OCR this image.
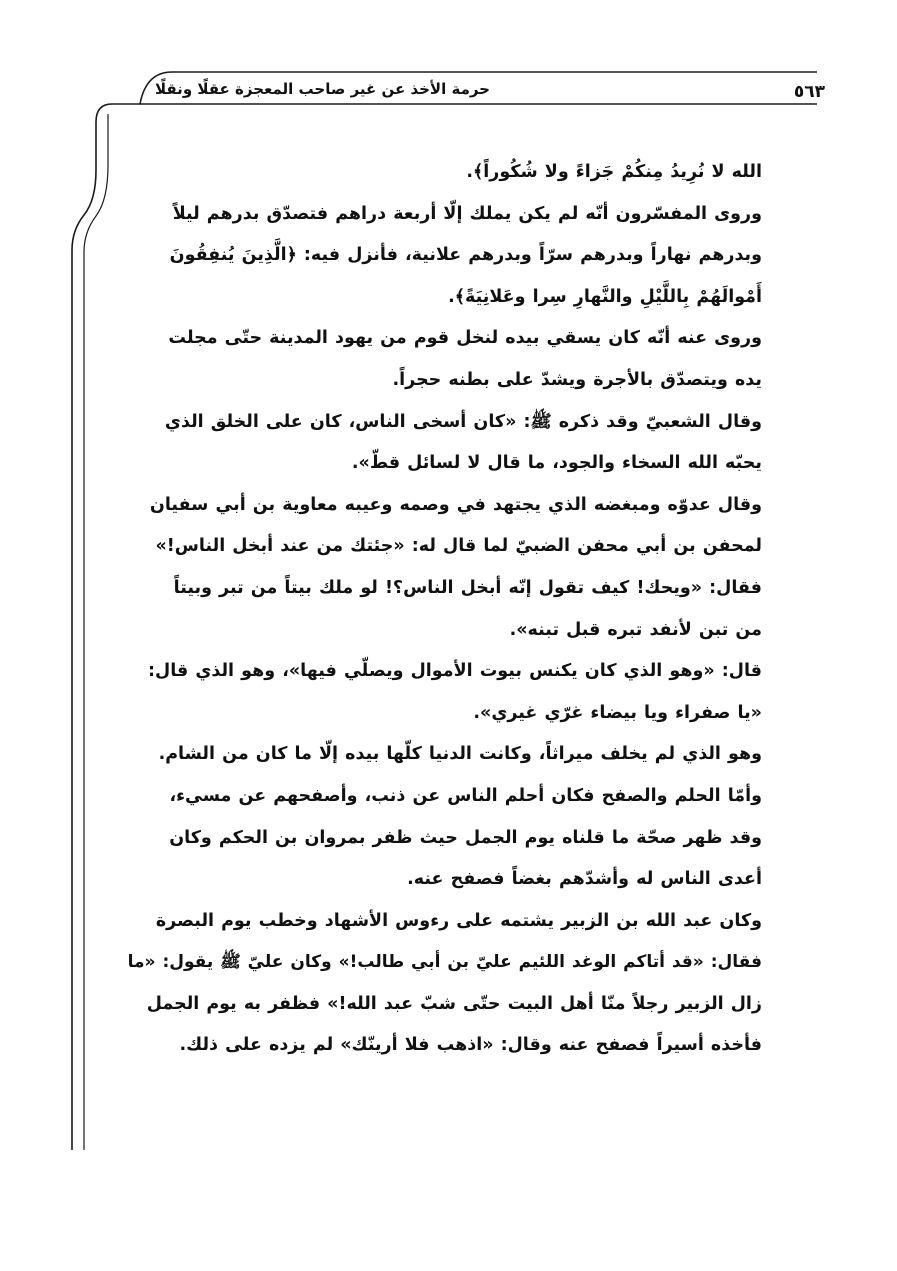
حرمة الأخذ عن غير صاحب المعجزة عقلًا ونقلًا	٥٦٣
الله لا نُرِيدُ مِنكُمْ جَزاءً ولا شُكُوراً﴾.
وروى المفسّرون أنّه لم يكن يملك إلّا أربعة دراهم فتصدّق بدرهم ليلاً
وبدرهم نهاراً وبدرهم سرّاً وبدرهم علانية، فأنزل فيه: ﴿الَّذِينَ يُنفِقُونَ
أَمْوالَهُمْ بِاللَّيْلِ والنَّهارِ سِرا وعَلانِيَةً﴾.
وروى عنه أنّه كان يسقي بيده لنخل قوم من يهود المدينة حتّى مجلت
يده ويتصدّق بالأجرة ويشدّ على بطنه حجراً.
وقال الشعبيّ وقد ذكره ﷺ: «كان أسخى الناس، كان على الخلق الذي
يحبّه الله السخاء والجود، ما قال لا لسائل قطّ».
وقال عدوّه ومبغضه الذي يجتهد في وصمه وعيبه معاوية بن أبي سفيان
لمحفن بن أبي محفن الضبيّ لما قال له: «جئتك من عند أبخل الناس!»
فقال: «ويحك! كيف تقول إنّه أبخل الناس؟! لو ملك بيتاً من تبر وبيتاً
من تبن لأنفد تبره قبل تبنه».
قال: «وهو الذي كان يكنس بيوت الأموال ويصلّي فيها»، وهو الذي قال:
«يا صفراء ويا بيضاء غرّي غيري».
وهو الذي لم يخلف ميراثاً، وكانت الدنيا كلّها بيده إلّا ما كان من الشام.
وأمّا الحلم والصفح فكان أحلم الناس عن ذنب، وأصفحهم عن مسيء،
وقد ظهر صحّة ما قلناه يوم الجمل حيث ظفر بمروان بن الحكم وكان
أعدى الناس له وأشدّهم بغضاً فصفح عنه.
وكان عبد الله بن الزبير يشتمه على رءوس الأشهاد وخطب يوم البصرة
فقال: «قد أتاكم الوغد اللئيم عليّ بن أبي طالب!» وكان عليّ ﷺ يقول: «ما
زال الزبير رجلاً منّا أهل البيت حتّى شبّ عبد الله!» فظفر به يوم الجمل
فأخذه أسيراً فصفح عنه وقال: «اذهب فلا أرينّك» لم يزده على ذلك.
